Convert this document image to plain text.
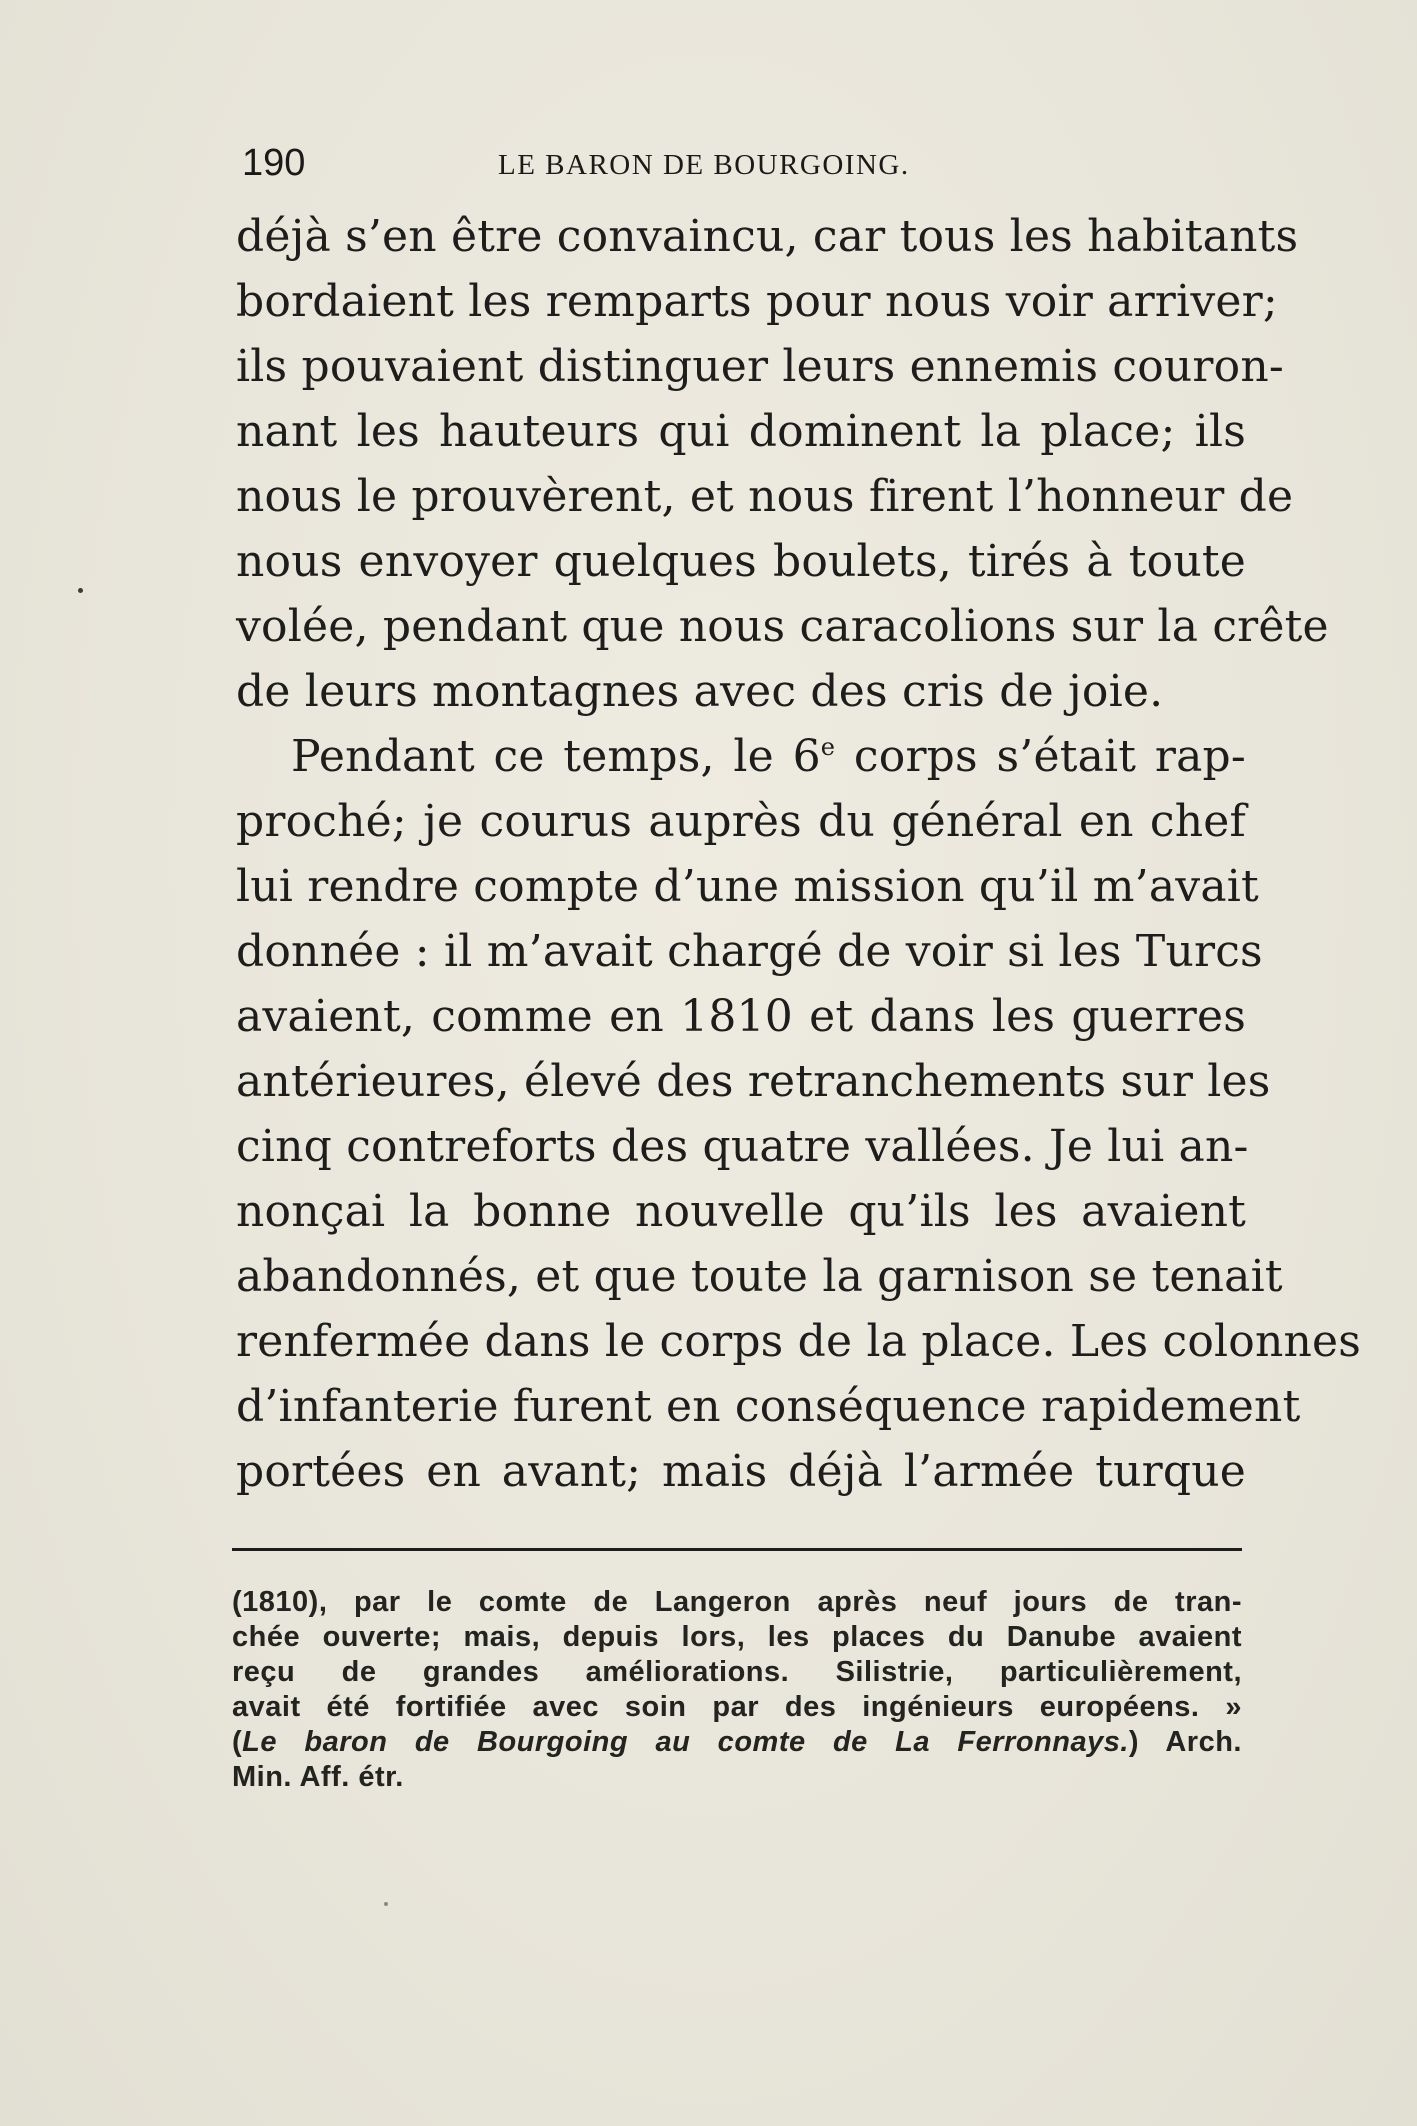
190	LE BARON DE BOURGOING.
déjà s’en être convaincu, car tous les habitants
bordaient les remparts pour nous voir arriver;
ils pouvaient distinguer leurs ennemis couron-
nant les hauteurs qui dominent la place; ils
nous le prouvèrent, et nous firent l’honneur de
nous envoyer quelques boulets, tirés à toute
volée, pendant que nous caracolions sur la crête
de leurs montagnes avec des cris de joie.
Pendant ce temps, le 6e corps s’était rap-
proché; je courus auprès du général en chef
lui rendre compte d’une mission qu’il m’avait
donnée : il m’avait chargé de voir si les Turcs
avaient, comme en 1810 et dans les guerres
antérieures, élevé des retranchements sur les
cinq contreforts des quatre vallées. Je lui an-
nonçai la bonne nouvelle qu’ils les avaient
abandonnés, et que toute la garnison se tenait
renfermée dans le corps de la place. Les colonnes
d’infanterie furent en conséquence rapidement
portées en avant; mais déjà l’armée turque
(1810), par le comte de Langeron après neuf jours de tran-
chée ouverte; mais, depuis lors, les places du Danube avaient
reçu de grandes améliorations. Silistrie, particulièrement,
avait été fortifiée avec soin par des ingénieurs européens. »
(Le baron de Bourgoing au comte de La Ferronnays.) Arch.
Min. Aff. étr.
